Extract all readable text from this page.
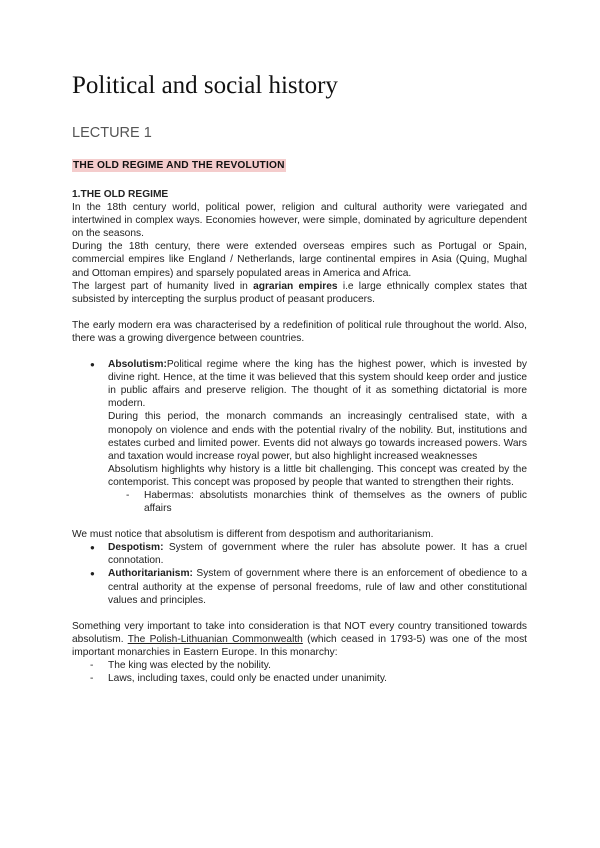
Political and social history
LECTURE 1
THE OLD REGIME AND THE REVOLUTION

1.THE OLD REGIME

In the 18th century world, political power, religion and cultural authority were variegated and intertwined in complex ways. Economies however, were simple, dominated by agriculture dependent on the seasons.

During the 18th century, there were extended overseas empires such as Portugal or Spain, commercial empires like England / Netherlands, large continental empires in Asia (Quing, Mughal and Ottoman empires) and sparsely populated areas in America and Africa.

The largest part of humanity lived in agrarian empires i.e large ethnically complex states that subsisted by intercepting the surplus product of peasant producers.

The early modern era was characterised by a redefinition of political rule throughout the world. Also, there was a growing divergence between countries.

● Absolutism:Political regime where the king has the highest power, which is invested by divine right. Hence, at the time it was believed that this system should keep order and justice in public affairs and preserve religion. The thought of it as something dictatorial is more modern.

During this period, the monarch commands an increasingly centralised state, with a monopoly on violence and ends with the potential rivalry of the nobility. But, institutions and estates curbed and limited power. Events did not always go towards increased powers. Wars and taxation would increase royal power, but also highlight increased weaknesses

Absolutism highlights why history is a little bit challenging. This concept was created by the contemporist. This concept was proposed by people that wanted to strengthen their rights.

- Habermas: absolutists monarchies think of themselves as the owners of public affairs

We must notice that absolutism is different from despotism and authoritarianism.

● Despotism: System of government where the ruler has absolute power. It has a cruel connotation.
● Authoritarianism: System of government where there is an enforcement of obedience to a central authority at the expense of personal freedoms, rule of law and other constitutional values and principles.

Something very important to take into consideration is that NOT every country transitioned towards absolutism. The Polish-Lithuanian Commonwealth (which ceased in 1793-5) was one of the most important monarchies in Eastern Europe. In this monarchy:

- The king was elected by the nobility.
- Laws, including taxes, could only be enacted under unanimity.
